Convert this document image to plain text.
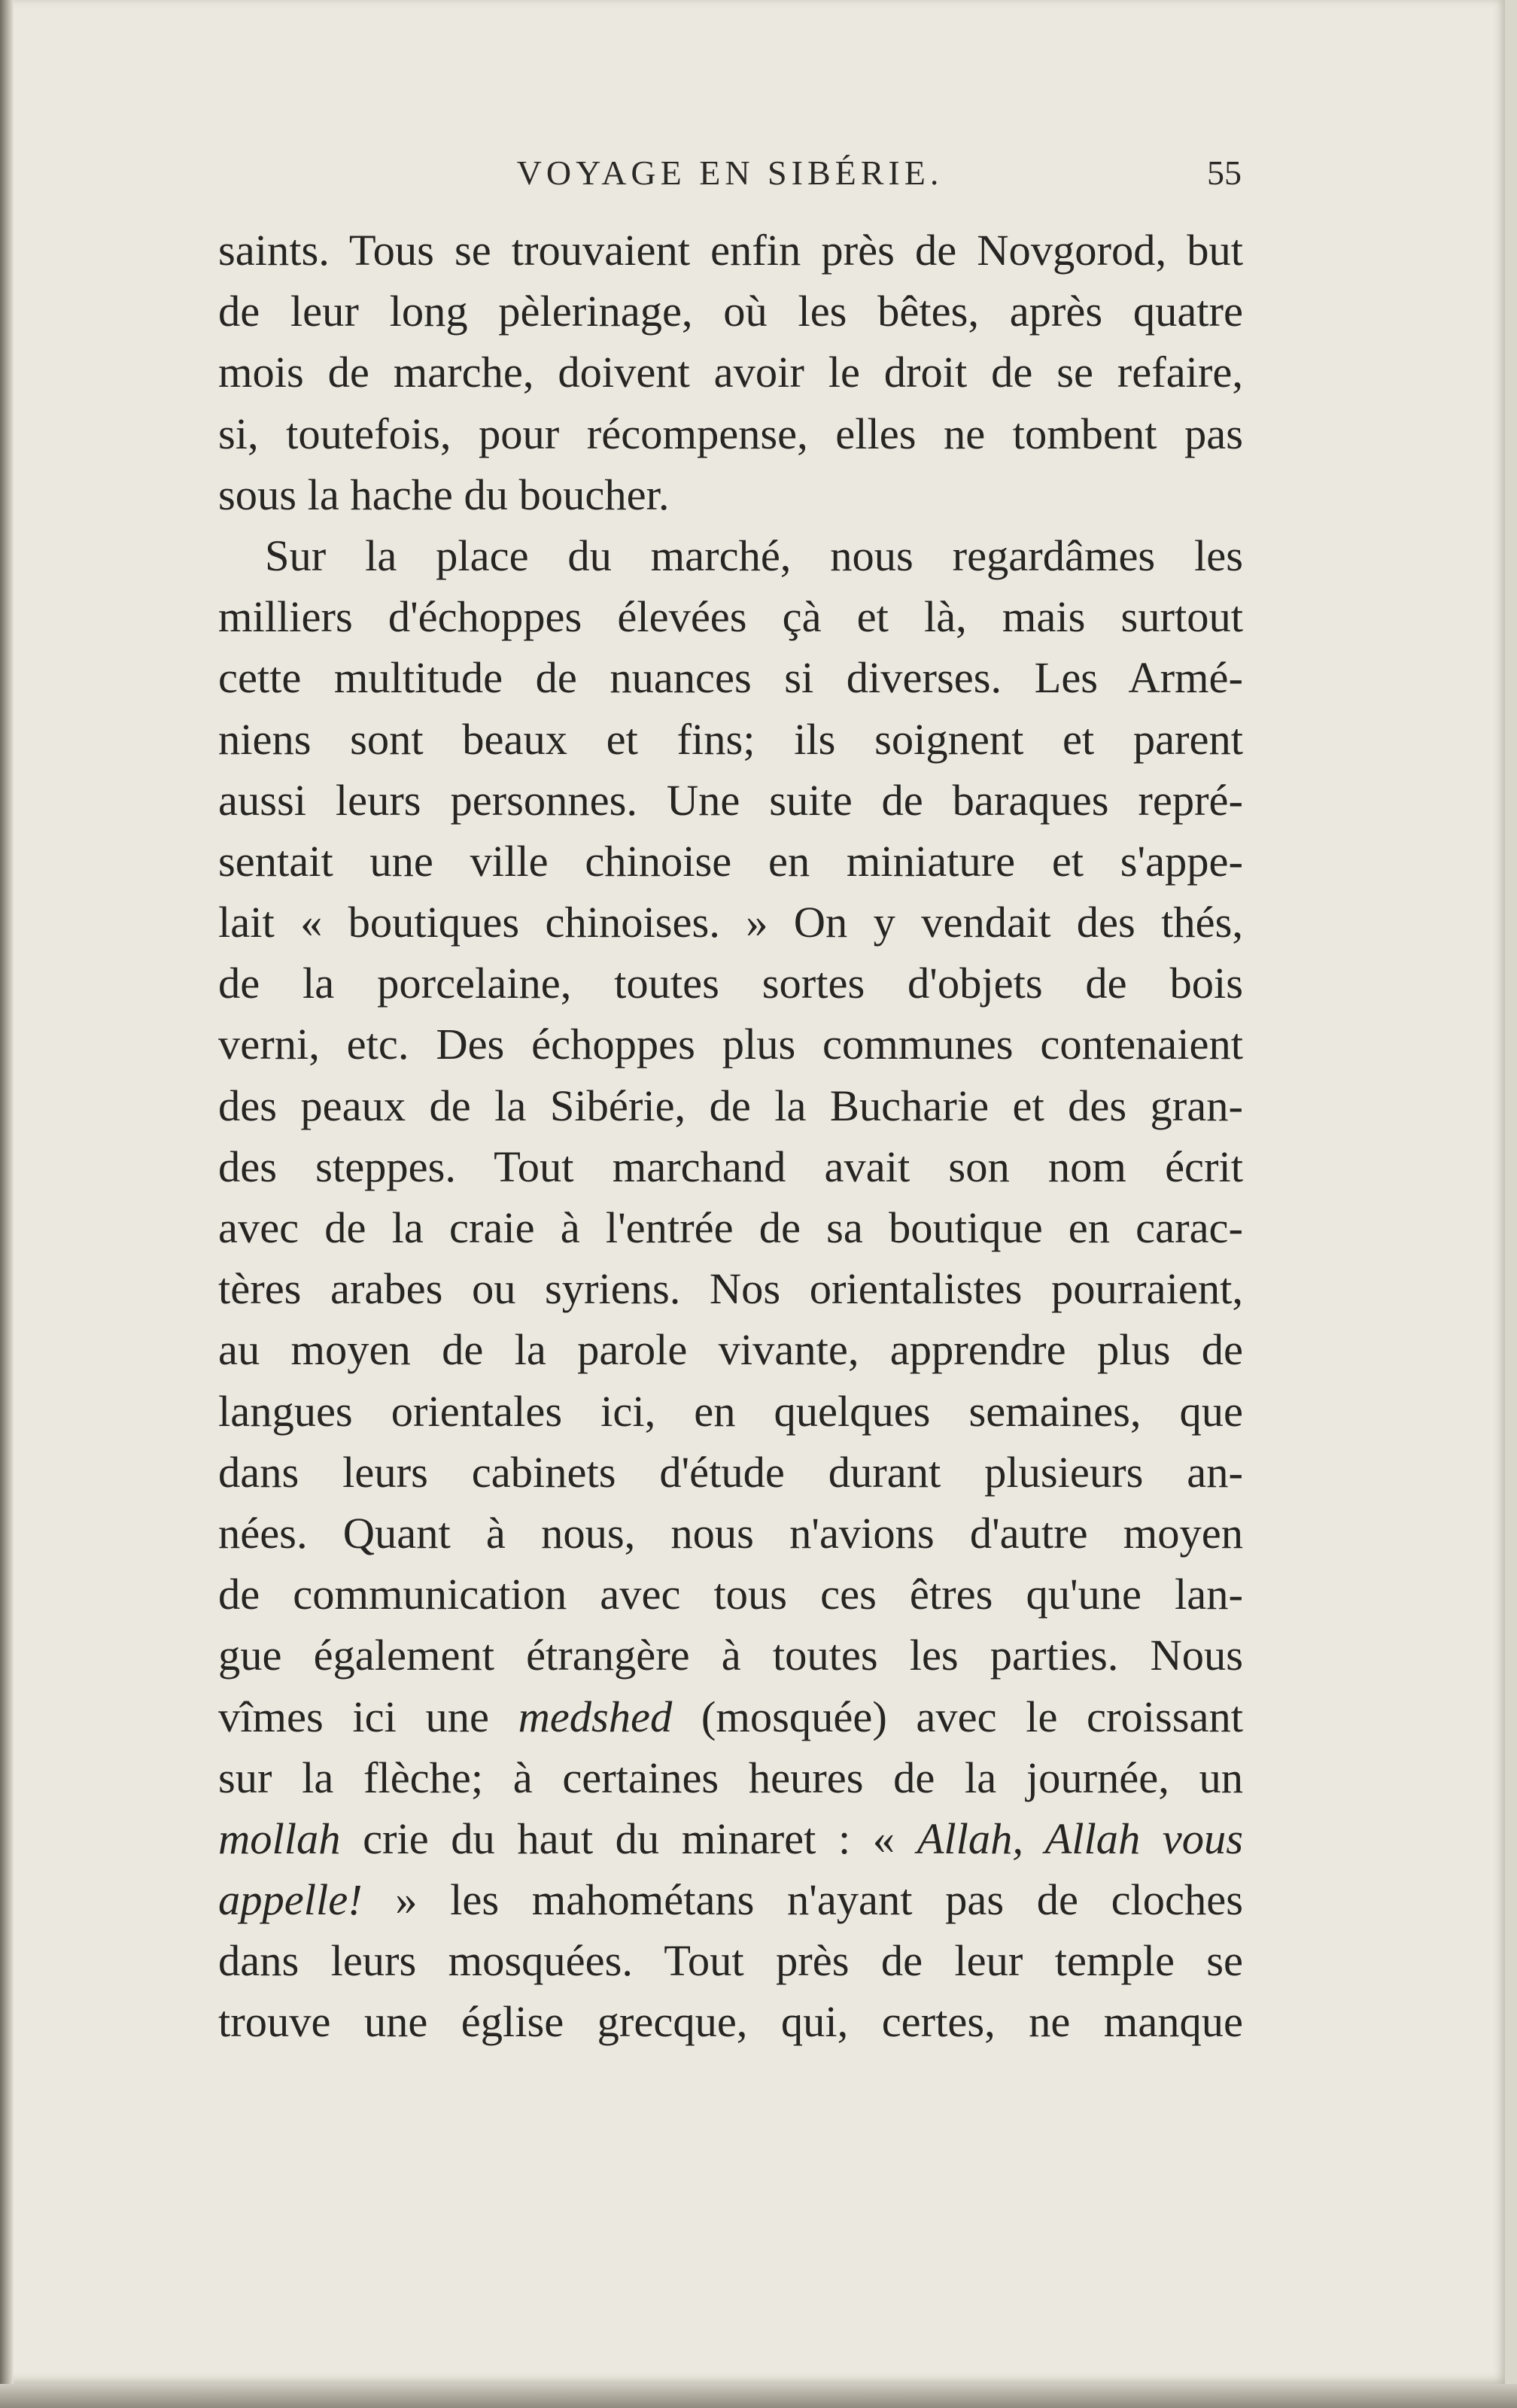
VOYAGE EN SIBÉRIE.	55
saints. Tous se trouvaient enfin près de Novgorod, but
de leur long pèlerinage, où les bêtes, après quatre
mois de marche, doivent avoir le droit de se refaire,
si, toutefois, pour récompense, elles ne tombent pas
sous la hache du boucher.
Sur la place du marché, nous regardâmes les
milliers d'échoppes élevées çà et là, mais surtout
cette multitude de nuances si diverses. Les Armé-
niens sont beaux et fins; ils soignent et parent
aussi leurs personnes. Une suite de baraques repré-
sentait une ville chinoise en miniature et s'appe-
lait « boutiques chinoises. » On y vendait des thés,
de la porcelaine, toutes sortes d'objets de bois
verni, etc. Des échoppes plus communes contenaient
des peaux de la Sibérie, de la Bucharie et des gran-
des steppes. Tout marchand avait son nom écrit
avec de la craie à l'entrée de sa boutique en carac-
tères arabes ou syriens. Nos orientalistes pourraient,
au moyen de la parole vivante, apprendre plus de
langues orientales ici, en quelques semaines, que
dans leurs cabinets d'étude durant plusieurs an-
nées. Quant à nous, nous n'avions d'autre moyen
de communication avec tous ces êtres qu'une lan-
gue également étrangère à toutes les parties. Nous
vîmes ici une medshed (mosquée) avec le croissant
sur la flèche; à certaines heures de la journée, un
mollah crie du haut du minaret : « Allah, Allah vous
appelle! » les mahométans n'ayant pas de cloches
dans leurs mosquées. Tout près de leur temple se
trouve une église grecque, qui, certes, ne manque
